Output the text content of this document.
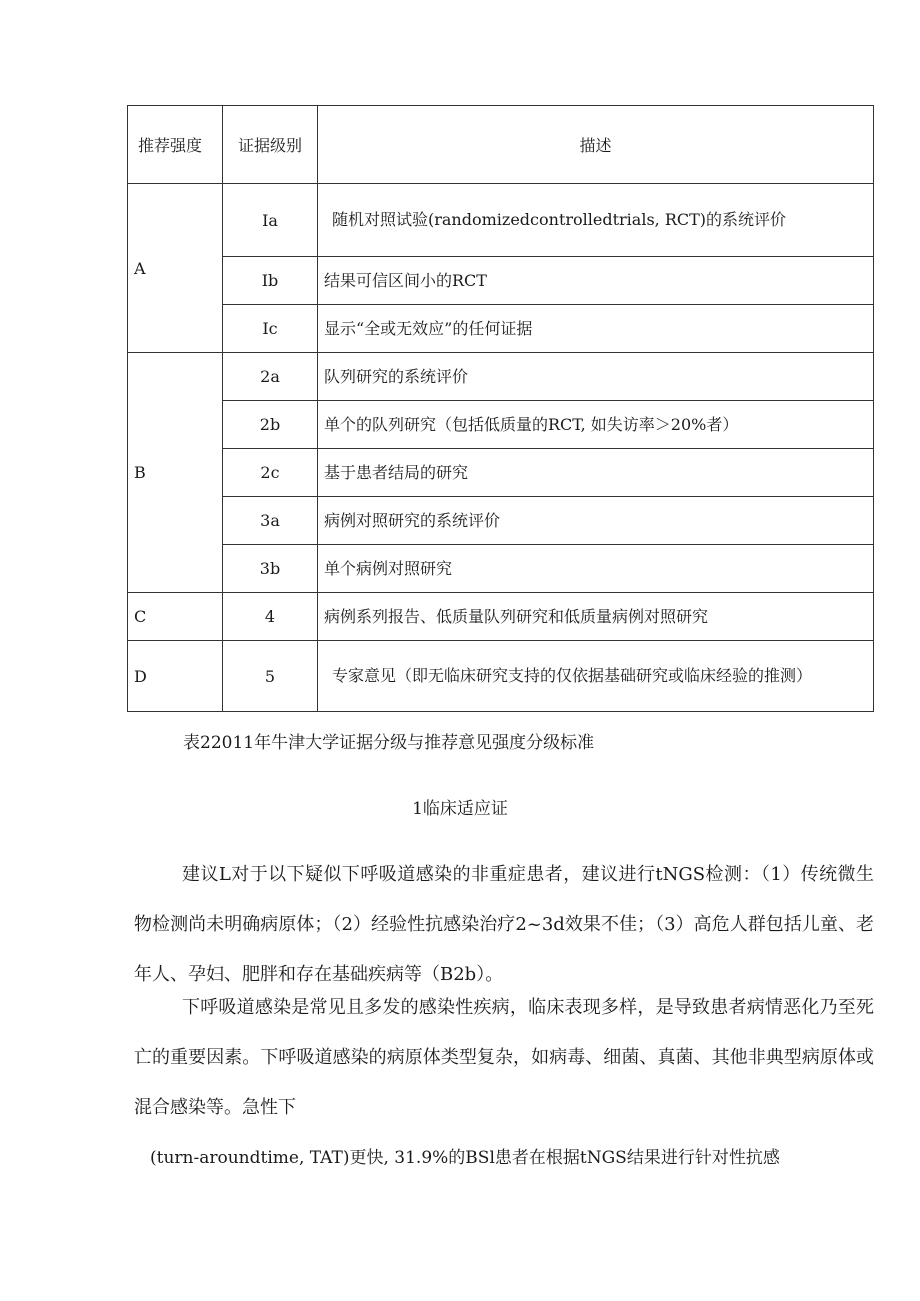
推荐强度	证据级别	描述
A	Ia	随机对照试验(randomizedcontrolledtrials, RCT)的系统评价
	Ib	结果可信区间小的RCT
	Ic	显示“全或无效应”的任何证据
B	2a	队列研究的系统评价
	2b	单个的队列研究（包括低质量的RCT, 如失访率＞20%者）
	2c	基于患者结局的研究
	3a	病例对照研究的系统评价
	3b	单个病例对照研究
C	4	病例系列报告、低质量队列研究和低质量病例对照研究
D	5	专家意见（即无临床研究支持的仅依据基础研究或临床经验的推测）
表22011年牛津大学证据分级与推荐意见强度分级标准
1临床适应证

建议L对于以下疑似下呼吸道感染的非重症患者，建议进行tNGS检测：（1）传统微生物检测尚未明确病原体；（2）经验性抗感染治疗2~3d效果不佳；（3）高危人群包括儿童、老年人、孕妇、肥胖和存在基础疾病等（B2b）。

下呼吸道感染是常见且多发的感染性疾病，临床表现多样，是导致患者病情恶化乃至死亡的重要因素。下呼吸道感染的病原体类型复杂，如病毒、细菌、真菌、其他非典型病原体或混合感染等。急性下

(turn-aroundtime, TAT)更快, 31.9%的BSl患者在根据tNGS结果进行针对性抗感
